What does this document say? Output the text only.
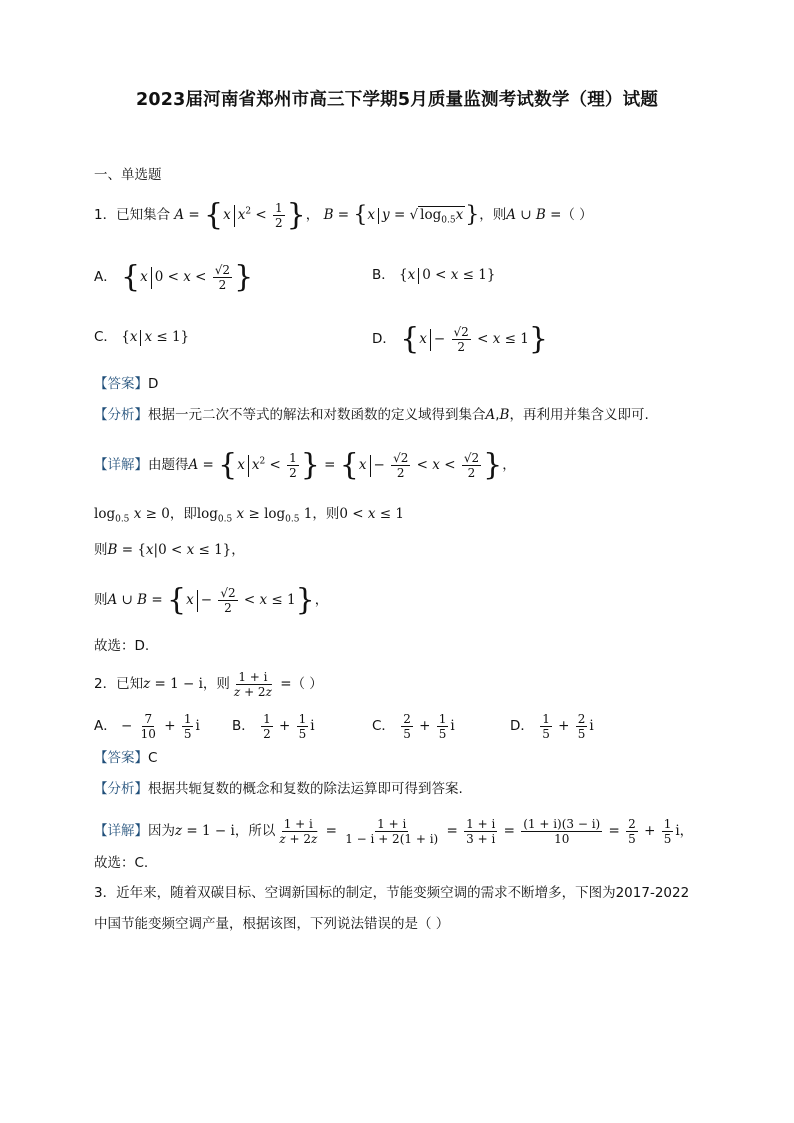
2023届河南省郑州市高三下学期5月质量监测考试数学（理）试题
一、单选题
1．已知集合 A = {x $x^2 < \frac{1}{2}$ }， B = {x y = √ $\log_{0.5}x$}，则A ∪ B =（ ）
A． {x $0 < x < \frac{√2}{2}$ }	B． {x 0 < x ≤ 1}
C． {x x ≤ 1}	D． $\{x - \frac{√2}{2} < x \le 1\}$
【答案】D
【分析】根据一元二次不等式的解法和对数函数的定义域得到集合A,B，再利用并集含义即可.
【详解】由题得A = {x $x^2 < \frac{1}{2}$ } = {$x - \frac{√2}{2} < x < \frac{√2}{2}$ }，
$\log_{0.5} x \ge 0$，即$\log_{0.5} x \ge \log_{0.5} 1$，则0 < x ≤ 1
则B = {x|0 < x ≤ 1}，
则A ∪ $B = \{x - \frac{√2}{2} < x \le 1\}$，
故选：D.
2．已知z = 1 − i，则 $\frac{1 + i}{z + 2\overline{z}}$ =（ ）
A． − $\frac{7}{10} + \frac{1}{5}$ i B． $\frac{1}{2} + \frac{1}{5}$ i	C． $\frac{2}{5} + \frac{1}{5}$ i	D． $\frac{1}{5} + \frac{2}{5}$ i
【答案】C
【分析】根据共轭复数的概念和复数的除法运算即可得到答案.
【详解】因为z = 1 − i，所以 $\frac{1 + i}{z + 2\overline{z}} = \frac{1 + i}{1 - i + 2(1 + i)} = \frac{1 + i}{3 + i} = \frac{(1 + i)(3 - i)}{10} = \frac{2}{5} + \frac{1}{5}$ i，
故选：C.
3．近年来，随着双碳目标、空调新国标的制定，节能变频空调的需求不断增多，下图为2017-2022
中国节能变频空调产量，根据该图，下列说法错误的是（ ）
